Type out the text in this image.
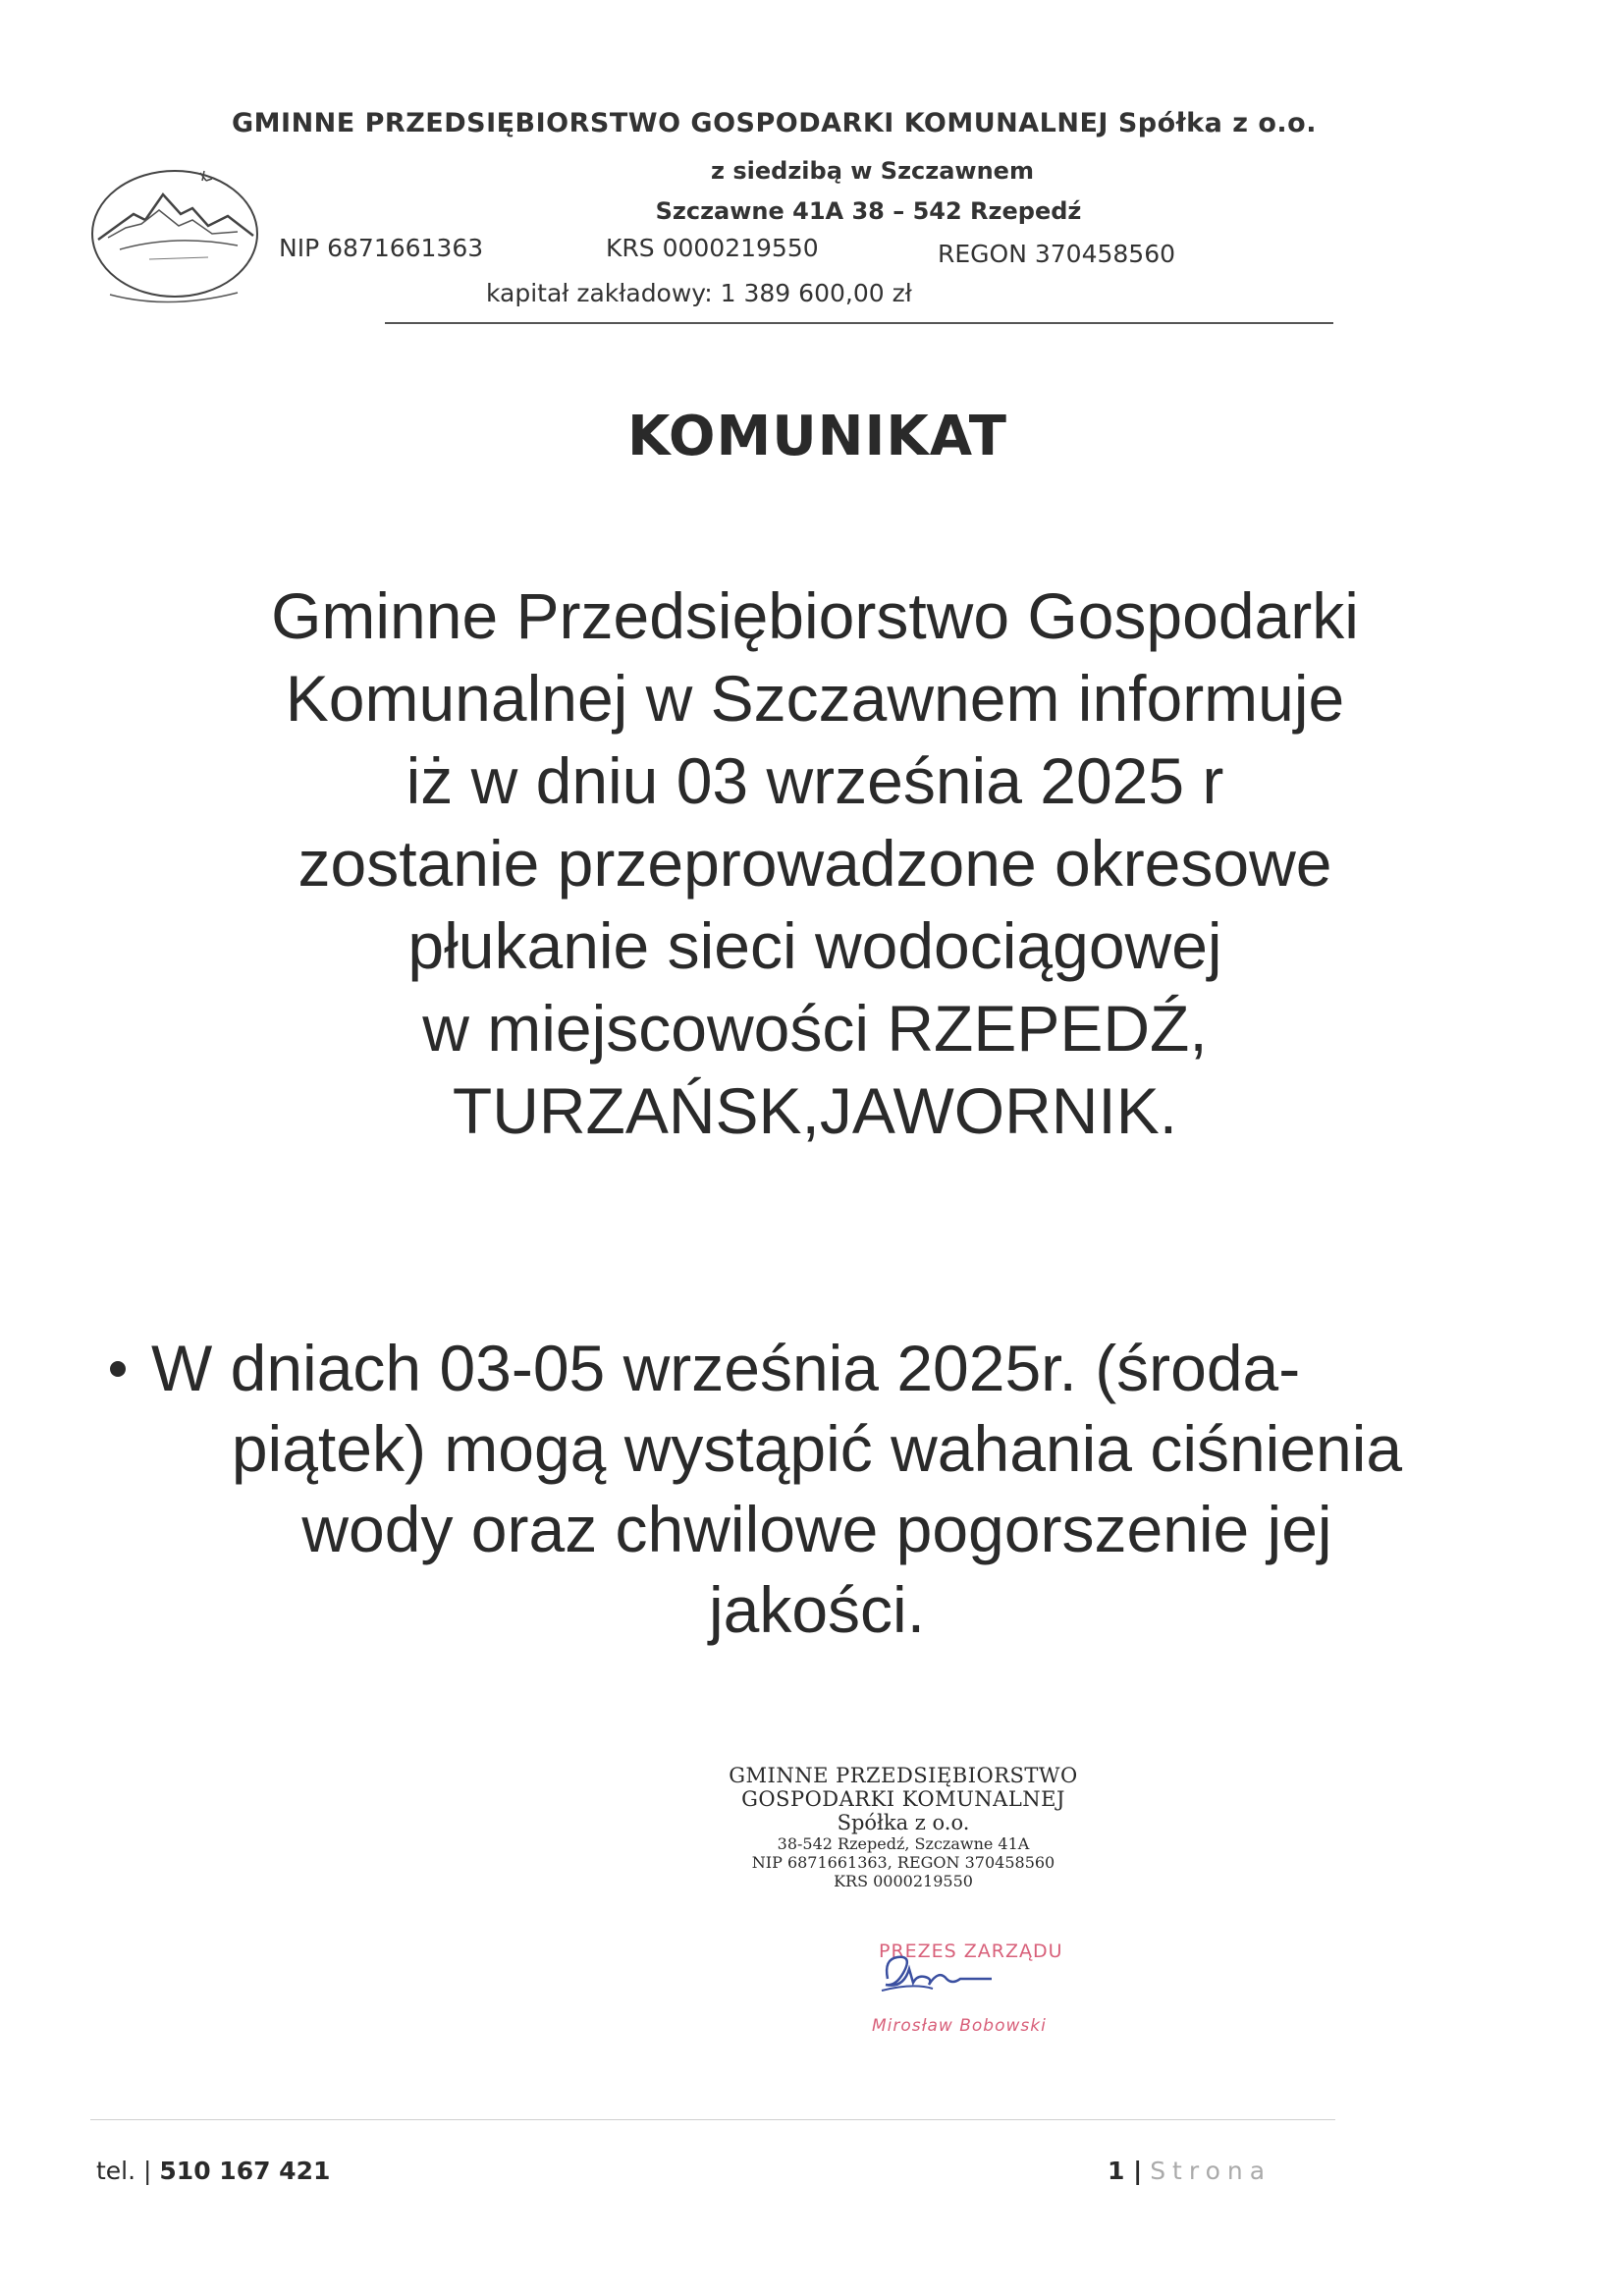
GMINNE PRZEDSIĘBIORSTWO GOSPODARKI KOMUNALNEJ Spółka z o.o.
z siedzibą w Szczawnem
Szczawne 41A 38 – 542 Rzepedź
NIP 6871661363	KRS 0000219550	REGON 370458560
kapitał zakładowy: 1 389 600,00 zł
KOMUNIKAT
Gminne Przedsiębiorstwo Gospodarki
Komunalnej w Szczawnem informuje
iż w dniu 03 września 2025 r
zostanie przeprowadzone okresowe
płukanie sieci wodociągowej
w miejscowości RZEPEDŹ,
TURZAŃSK,JAWORNIK.
W dniach 03-05 września 2025r. (środa-
piątek) mogą wystąpić wahania ciśnienia
wody oraz chwilowe pogorszenie jej
jakości.
GMINNE PRZEDSIĘBIORSTWO
GOSPODARKI KOMUNALNEJ
Spółka z o.o.
38-542 Rzepedź, Szczawne 41A
NIP 6871661363, REGON 370458560
KRS 0000219550
PREZES ZARZĄDU
Mirosław Bobowski
tel. | 510 167 421	1 | Strona
